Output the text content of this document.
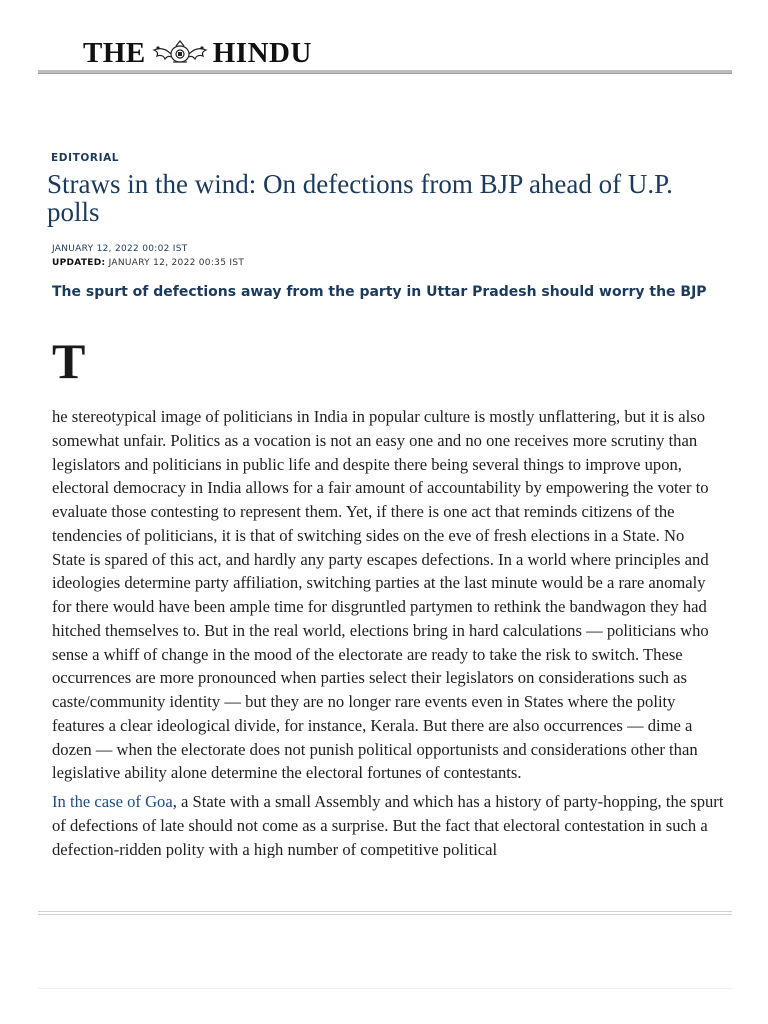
THE HINDU
EDITORIAL
Straws in the wind: On defections from BJP ahead of U.P. polls
JANUARY 12, 2022 00:02 IST
UPDATED: JANUARY 12, 2022 00:35 IST
The spurt of defections away from the party in Uttar Pradesh should worry the BJP

T
he stereotypical image of politicians in India in popular culture is mostly unflattering, but it is also somewhat unfair. Politics as a vocation is not an easy one and no one receives more scrutiny than legislators and politicians in public life and despite there being several things to improve upon, electoral democracy in India allows for a fair amount of accountability by empowering the voter to evaluate those contesting to represent them. Yet, if there is one act that reminds citizens of the tendencies of politicians, it is that of switching sides on the eve of fresh elections in a State. No State is spared of this act, and hardly any party escapes defections. In a world where principles and ideologies determine party affiliation, switching parties at the last minute would be a rare anomaly for there would have been ample time for disgruntled partymen to rethink the bandwagon they had hitched themselves to. But in the real world, elections bring in hard calculations — politicians who sense a whiff of change in the mood of the electorate are ready to take the risk to switch. These occurrences are more pronounced when parties select their legislators on considerations such as caste/community identity — but they are no longer rare events even in States where the polity features a clear ideological divide, for instance, Kerala. But there are also occurrences — dime a dozen — when the electorate does not punish political opportunists and considerations other than legislative ability alone determine the electoral fortunes of contestants.

In the case of Goa, a State with a small Assembly and which has a history of party-hopping, the spurt of defections of late should not come as a surprise. But the fact that electoral contestation in such a defection-ridden polity with a high number of competitive political
